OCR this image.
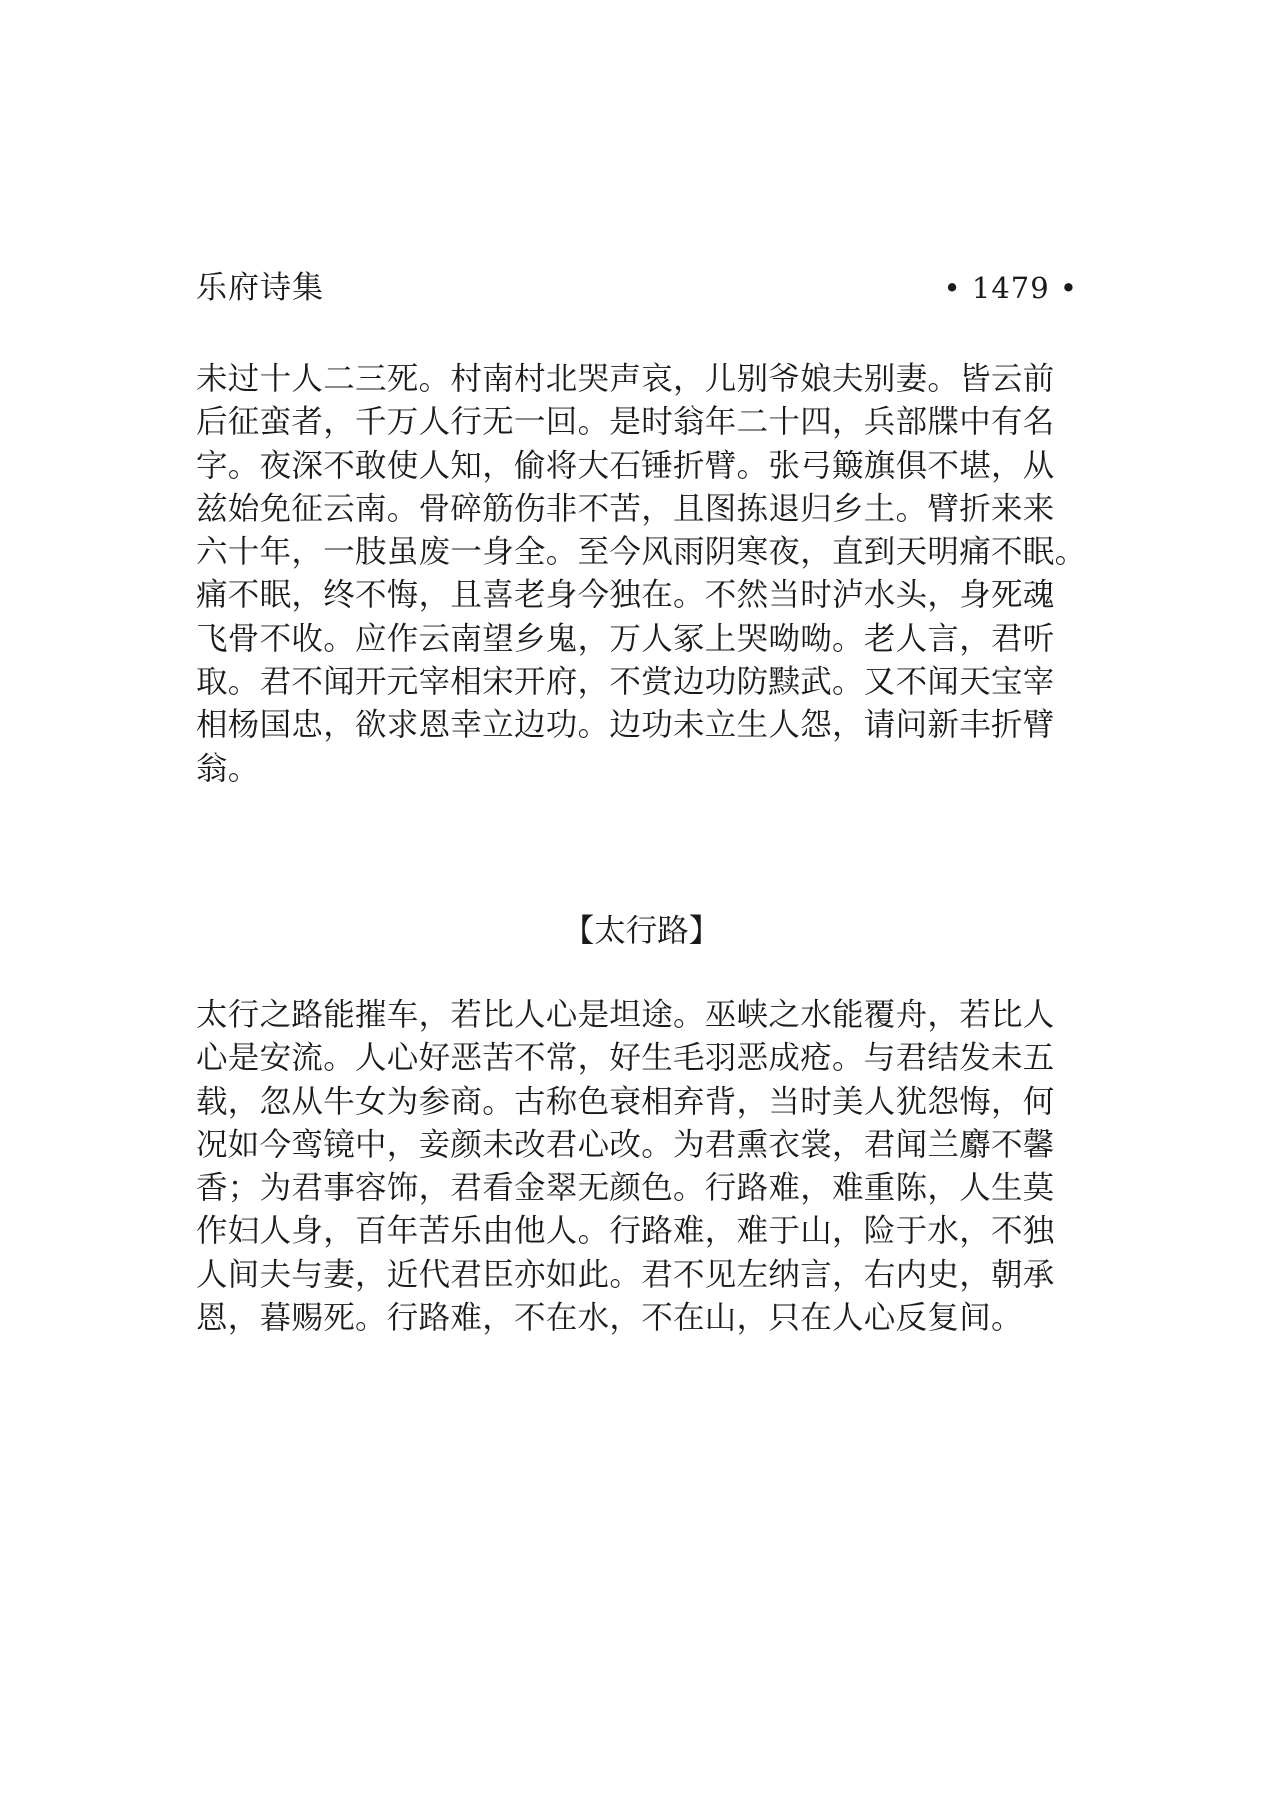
乐府诗集	• 1479 •
未过十人二三死。村南村北哭声哀，儿别爷娘夫别妻。皆云前
后征蛮者，千万人行无一回。是时翁年二十四，兵部牒中有名
字。夜深不敢使人知，偷将大石锤折臂。张弓簸旗俱不堪，从
兹始免征云南。骨碎筋伤非不苦，且图拣退归乡土。臂折来来
六十年，一肢虽废一身全。至今风雨阴寒夜，直到天明痛不眠。
痛不眠，终不悔，且喜老身今独在。不然当时泸水头，身死魂
飞骨不收。应作云南望乡鬼，万人冢上哭呦呦。老人言，君听
取。君不闻开元宰相宋开府，不赏边功防黩武。又不闻天宝宰
相杨国忠，欲求恩幸立边功。边功未立生人怨，请问新丰折臂
翁。
【太行路】
太行之路能摧车，若比人心是坦途。巫峡之水能覆舟，若比人
心是安流。人心好恶苦不常，好生毛羽恶成疮。与君结发未五
载，忽从牛女为参商。古称色衰相弃背，当时美人犹怨悔，何
况如今鸾镜中，妾颜未改君心改。为君熏衣裳，君闻兰麝不馨
香；为君事容饰，君看金翠无颜色。行路难，难重陈，人生莫
作妇人身，百年苦乐由他人。行路难，难于山，险于水，不独
人间夫与妻，近代君臣亦如此。君不见左纳言，右内史，朝承
恩，暮赐死。行路难，不在水，不在山，只在人心反复间。
